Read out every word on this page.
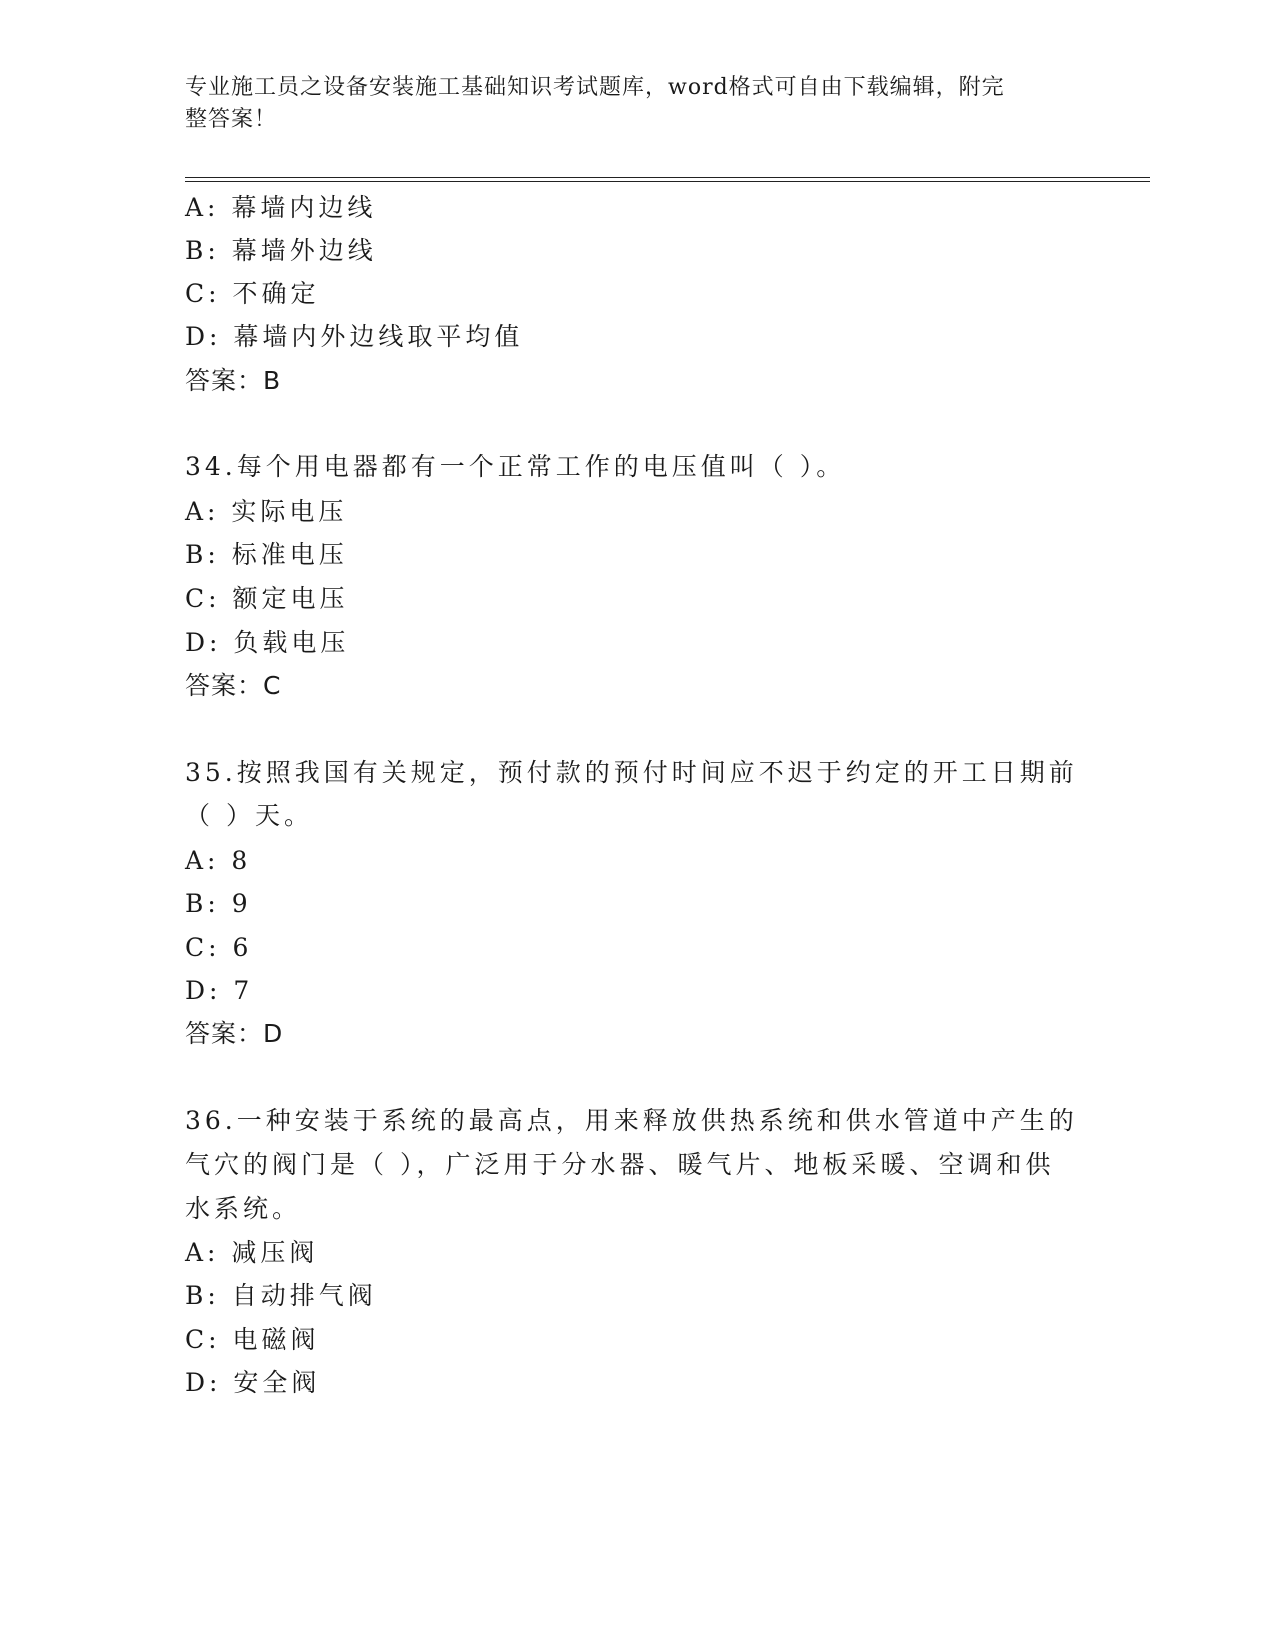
专业施工员之设备安装施工基础知识考试题库，word格式可自由下载编辑，附完
整答案！
A: 幕墙内边线
B: 幕墙外边线
C: 不确定
D: 幕墙内外边线取平均值
答案：B
34.每个用电器都有一个正常工作的电压值叫（ ）。
A: 实际电压
B: 标准电压
C: 额定电压
D: 负载电压
答案：C
35.按照我国有关规定，预付款的预付时间应不迟于约定的开工日期前
（ ）天。
A: 8
B: 9
C: 6
D: 7
答案：D
36.一种安装于系统的最高点，用来释放供热系统和供水管道中产生的
气穴的阀门是（ ），广泛用于分水器、暖气片、地板采暖、空调和供
水系统。
A: 减压阀
B: 自动排气阀
C: 电磁阀
D: 安全阀
